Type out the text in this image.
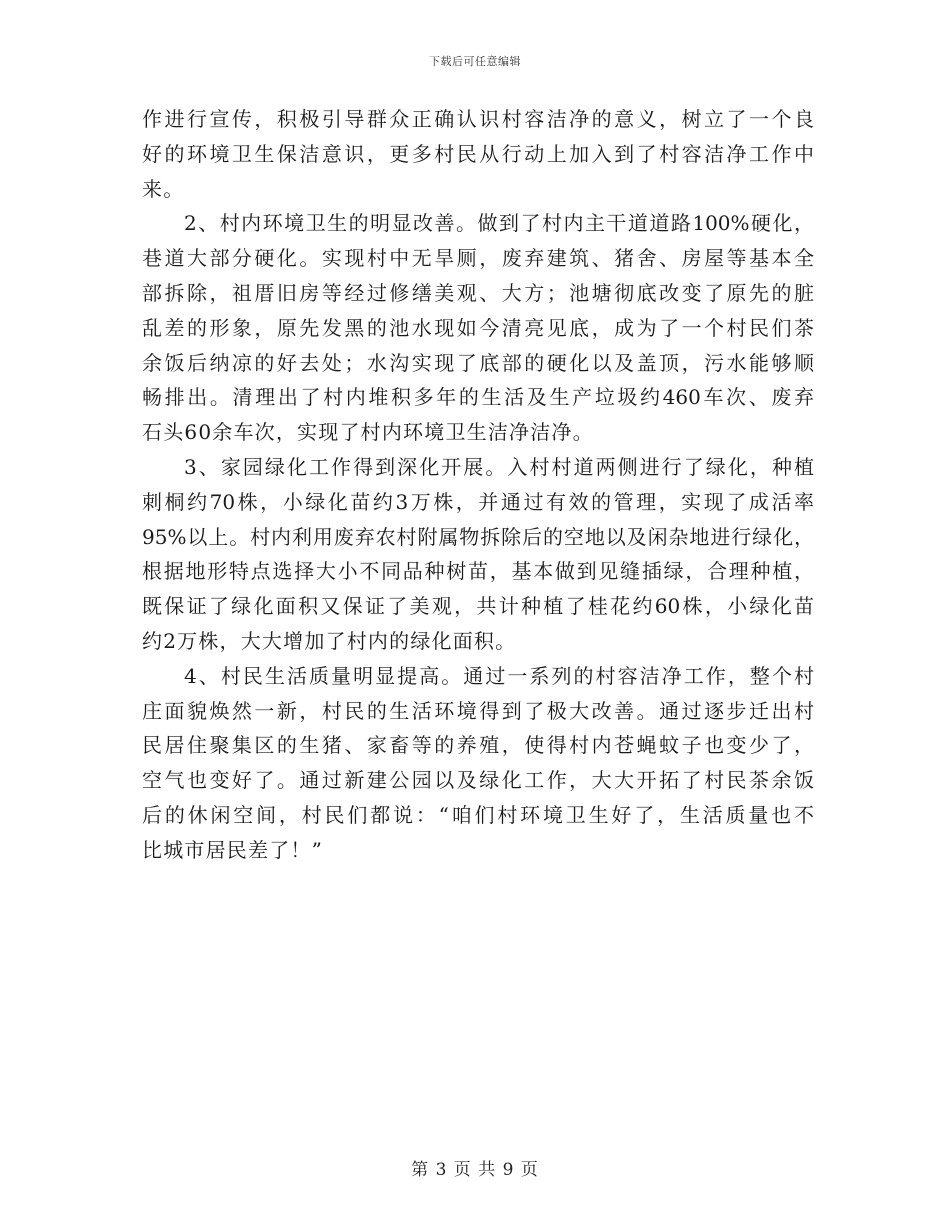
下载后可任意编辑
作进行宣传，积极引导群众正确认识村容洁净的意义，树立了一个良
好的环境卫生保洁意识，更多村民从行动上加入到了村容洁净工作中
来。
2、村内环境卫生的明显改善。做到了村内主干道道路100%硬化，
巷道大部分硬化。实现村中无旱厕，废弃建筑、猪舍、房屋等基本全
部拆除，祖厝旧房等经过修缮美观、大方；池塘彻底改变了原先的脏
乱差的形象，原先发黑的池水现如今清亮见底，成为了一个村民们茶
余饭后纳凉的好去处；水沟实现了底部的硬化以及盖顶，污水能够顺
畅排出。清理出了村内堆积多年的生活及生产垃圾约460车次、废弃
石头60余车次，实现了村内环境卫生洁净洁净。
3、家园绿化工作得到深化开展。入村村道两侧进行了绿化，种植
刺桐约70株，小绿化苗约3万株，并通过有效的管理，实现了成活率
95%以上。村内利用废弃农村附属物拆除后的空地以及闲杂地进行绿化，
根据地形特点选择大小不同品种树苗，基本做到见缝插绿，合理种植，
既保证了绿化面积又保证了美观，共计种植了桂花约60株，小绿化苗
约2万株，大大增加了村内的绿化面积。
4、村民生活质量明显提高。通过一系列的村容洁净工作，整个村
庄面貌焕然一新，村民的生活环境得到了极大改善。通过逐步迁出村
民居住聚集区的生猪、家畜等的养殖，使得村内苍蝇蚊子也变少了，
空气也变好了。通过新建公园以及绿化工作，大大开拓了村民茶余饭
后的休闲空间，村民们都说：“咱们村环境卫生好了，生活质量也不
比城市居民差了！”
第 3 页 共 9 页
